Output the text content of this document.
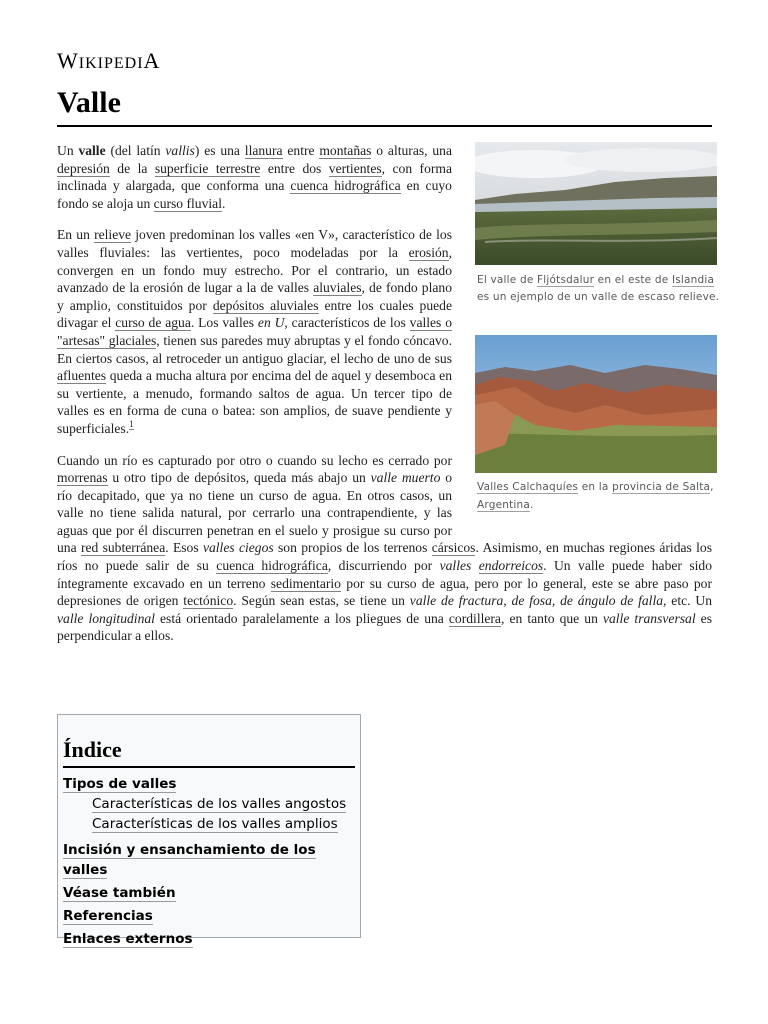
WIKIPEDIA
Valle
El valle de Fljótsdalur en el este de Islandia es un ejemplo de un valle de escaso relieve.
Valles Calchaquíes en la provincia de Salta, Argentina.

Un valle (del latín vallis) es una llanura entre montañas o alturas, una depresión de la superficie terrestre entre dos vertientes, con forma inclinada y alargada, que conforma una cuenca hidrográfica en cuyo fondo se aloja un curso fluvial.

En un relieve joven predominan los valles «en V», característico de los valles fluviales: las vertientes, poco modeladas por la erosión, convergen en un fondo muy estrecho. Por el contrario, un estado avanzado de la erosión de lugar a la de valles aluviales, de fondo plano y amplio, constituidos por depósitos aluviales entre los cuales puede divagar el curso de agua. Los valles en U, característicos de los valles o "artesas" glaciales, tienen sus paredes muy abruptas y el fondo cóncavo. En ciertos casos, al retroceder un antiguo glaciar, el lecho de uno de sus afluentes queda a mucha altura por encima del de aquel y desemboca en su vertiente, a menudo, formando saltos de agua. Un tercer tipo de valles es en forma de cuna o batea: son amplios, de suave pendiente y superficiales.$^1$

Cuando un río es capturado por otro o cuando su lecho es cerrado por morrenas u otro tipo de depósitos, queda más abajo un valle muerto o río decapitado, que ya no tiene un curso de agua. En otros casos, un valle no tiene salida natural, por cerrarlo una contrapendiente, y las aguas que por él discurren penetran en el suelo y prosigue su curso por una red subterránea. Esos valles ciegos son propios de los terrenos cársicos. Asimismo, en muchas regiones áridas los ríos no puede salir de su cuenca hidrográfica, discurriendo por valles endorreicos. Un valle puede haber sido íntegramente excavado en un terreno sedimentario por su curso de agua, pero por lo general, este se abre paso por depresiones de origen tectónico. Según sean estas, se tiene un valle de fractura, de fosa, de ángulo de falla, etc. Un valle longitudinal está orientado paralelamente a los pliegues de una cordillera, en tanto que un valle transversal es perpendicular a ellos.

Índice
Tipos de valles
Características de los valles angostos
Características de los valles amplios
Incisión y ensanchamiento de los valles
Véase también
Referencias
Enlaces externos
